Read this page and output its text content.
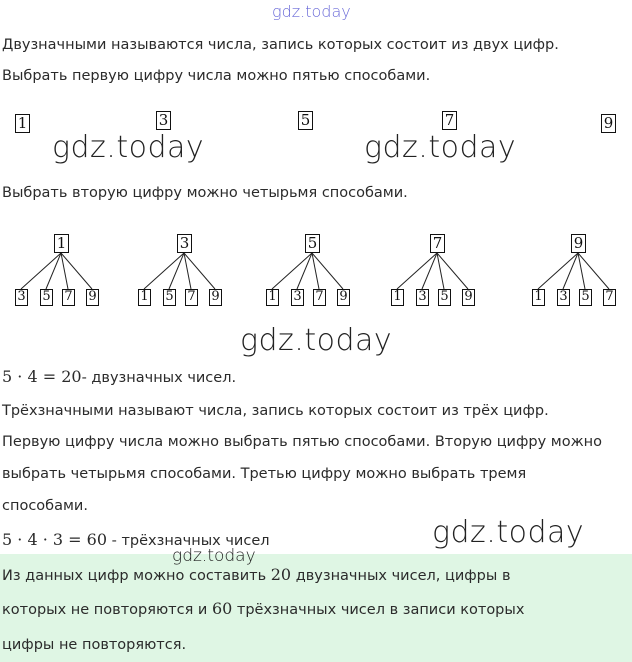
gdz.today
Двузначными называются числа, запись которых состоит из двух цифр.
Выбрать первую цифру числа можно пятью способами.
1	3	5	7	9
gdz.today	gdz.today
Выбрать вторую цифру можно четырьмя способами.
1
3 5 7 9
3
1 5 7 9
5
1 3 7 9
7
1 3 5 9
9
1 3 5 7
gdz.today
5 · 4 = 20- двузначных чисел.
Трёхзначными называют числа, запись которых состоит из трёх цифр.
Первую цифру числа можно выбрать пятью способами. Вторую цифру можно
выбрать четырьмя способами. Третью цифру можно выбрать тремя
способами.
5 · 4 · 3 = 60 - трёхзначных чисел	gdz.today
gdz.today
Из данных цифр можно составить 20 двузначных чисел, цифры в
которых не повторяются и 60 трёхзначных чисел в записи которых
цифры не повторяются.
